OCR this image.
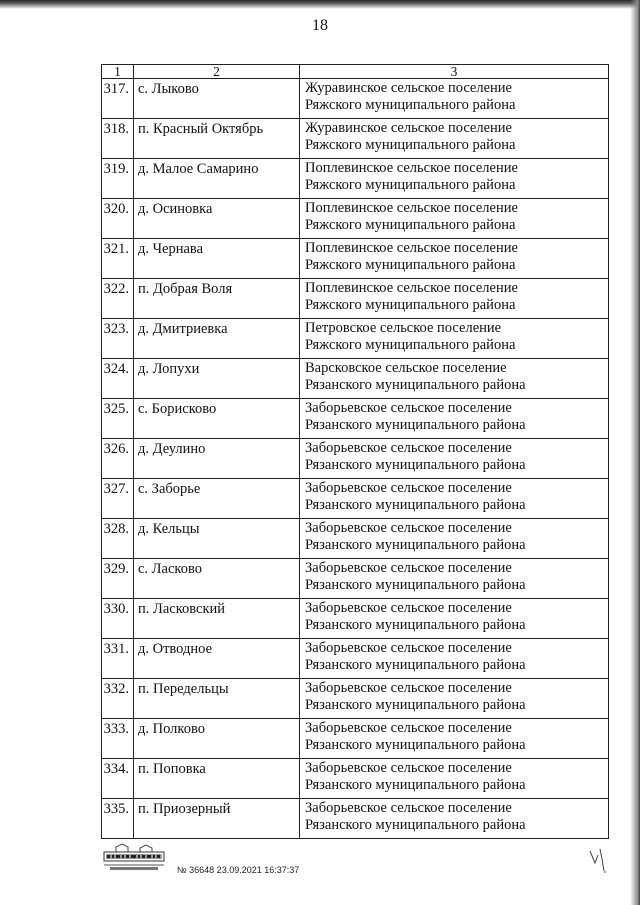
18
1	2	3
317.	с. Лыково	Журавинское сельское поселение
Ряжского муниципального района

318.	п. Красный Октябрь	Журавинское сельское поселение
Ряжского муниципального района

319.	д. Малое Самарино	Поплевинское сельское поселение
Ряжского муниципального района

320.	д. Осиновка	Поплевинское сельское поселение
Ряжского муниципального района

321.	д. Чернава	Поплевинское сельское поселение
Ряжского муниципального района

322.	п. Добрая Воля	Поплевинское сельское поселение
Ряжского муниципального района

323.	д. Дмитриевка	Петровское сельское поселение
Ряжского муниципального района

324.	д. Лопухи	Варсковское сельское поселение
Рязанского муниципального района

325.	с. Борисково	Заборьевское сельское поселение
Рязанского муниципального района

326.	д. Деулино	Заборьевское сельское поселение
Рязанского муниципального района

327.	с. Заборье	Заборьевское сельское поселение
Рязанского муниципального района

328.	д. Кельцы	Заборьевское сельское поселение
Рязанского муниципального района

329.	с. Ласково	Заборьевское сельское поселение
Рязанского муниципального района

330.	п. Ласковский	Заборьевское сельское поселение
Рязанского муниципального района

331.	д. Отводное	Заборьевское сельское поселение
Рязанского муниципального района

332.	п. Передельцы	Заборьевское сельское поселение
Рязанского муниципального района

333.	д. Полково	Заборьевское сельское поселение
Рязанского муниципального района

334.	п. Поповка	Заборьевское сельское поселение
Рязанского муниципального района

335.	п. Приозерный	Заборьевское сельское поселение
Рязанского муниципального района
№ 36648 23.09.2021 16:37:37
